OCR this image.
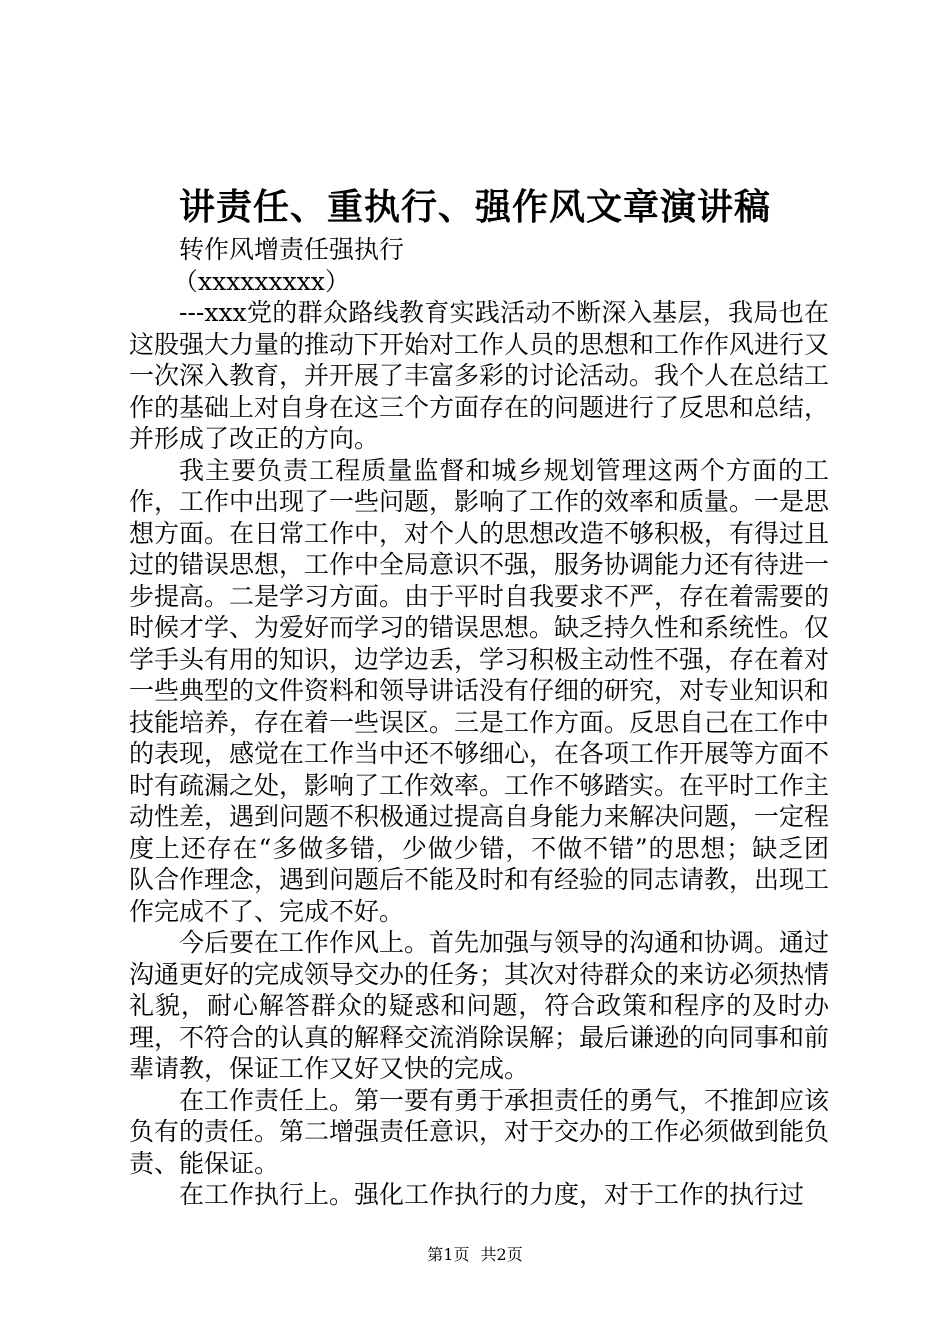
讲责任、重执行、强作风文章演讲稿

转作风增责任强执行

（xxxxxxxxx）

---xxx党的群众路线教育实践活动不断深入基层，我局也在这股强大力量的推动下开始对工作人员的思想和工作作风进行又一次深入教育，并开展了丰富多彩的讨论活动。我个人在总结工作的基础上对自身在这三个方面存在的问题进行了反思和总结，并形成了改正的方向。

我主要负责工程质量监督和城乡规划管理这两个方面的工作，工作中出现了一些问题，影响了工作的效率和质量。一是思想方面。在日常工作中，对个人的思想改造不够积极，有得过且过的错误思想，工作中全局意识不强，服务协调能力还有待进一步提高。二是学习方面。由于平时自我要求不严，存在着需要的时候才学、为爱好而学习的错误思想。缺乏持久性和系统性。仅学手头有用的知识，边学边丢，学习积极主动性不强，存在着对一些典型的文件资料和领导讲话没有仔细的研究，对专业知识和技能培养，存在着一些误区。三是工作方面。反思自己在工作中的表现，感觉在工作当中还不够细心，在各项工作开展等方面不时有疏漏之处，影响了工作效率。工作不够踏实。在平时工作主动性差，遇到问题不积极通过提高自身能力来解决问题，一定程度上还存在“多做多错，少做少错，不做不错”的思想；缺乏团队合作理念，遇到问题后不能及时和有经验的同志请教，出现工作完成不了、完成不好。

今后要在工作作风上。首先加强与领导的沟通和协调。通过沟通更好的完成领导交办的任务；其次对待群众的来访必须热情礼貌，耐心解答群众的疑惑和问题，符合政策和程序的及时办理，不符合的认真的解释交流消除误解；最后谦逊的向同事和前辈请教，保证工作又好又快的完成。

在工作责任上。第一要有勇于承担责任的勇气，不推卸应该负有的责任。第二增强责任意识，对于交办的工作必须做到能负责、能保证。

在工作执行上。强化工作执行的力度，对于工作的执行过

第1页 共2页
